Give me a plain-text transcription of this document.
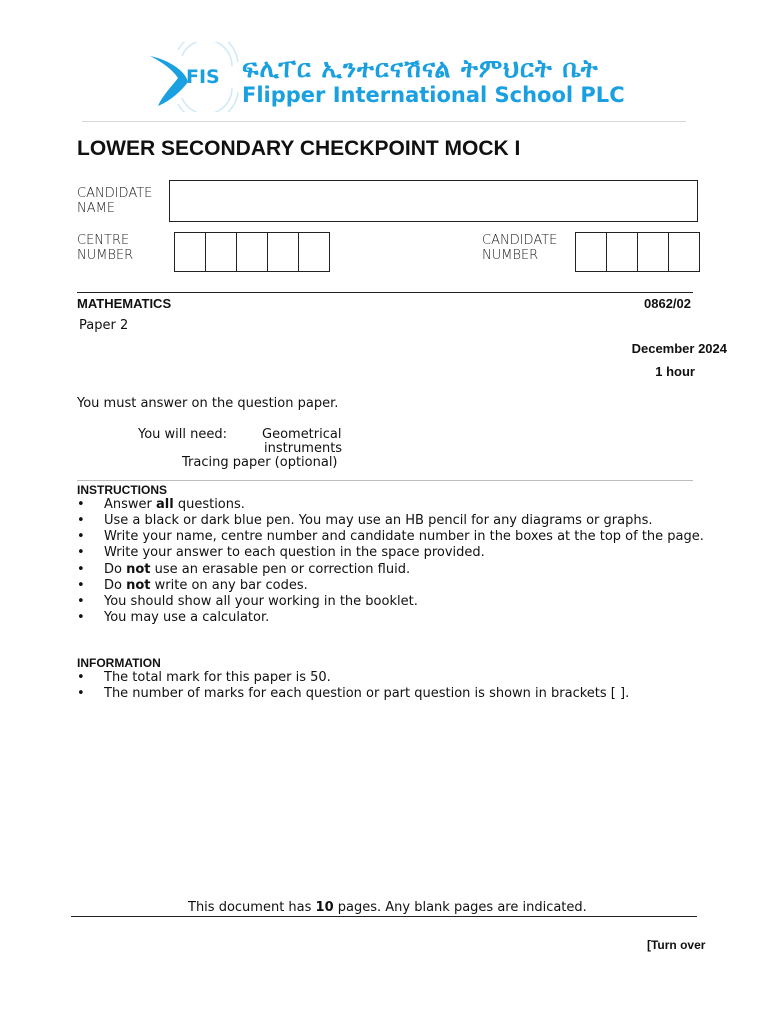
FIS ፍሊፐር ኢንተርናሽናል ትምህርት ቤት
Flipper International School PLC
LOWER SECONDARY CHECKPOINT MOCK I
CANDIDATE
NAME
CENTRE
NUMBER
CANDIDATE
NUMBER
MATHEMATICS	0862/02
Paper 2
December 2024
1 hour
You must answer on the question paper.
You will need:	Geometrical
instruments
Tracing paper (optional)
INSTRUCTIONS
• Answer all questions.
• Use a black or dark blue pen. You may use an HB pencil for any diagrams or graphs.
• Write your name, centre number and candidate number in the boxes at the top of the page.
• Write your answer to each question in the space provided.
• Do not use an erasable pen or correction fluid.
• Do not write on any bar codes.
• You should show all your working in the booklet.
• You may use a calculator.
INFORMATION
• The total mark for this paper is 50.
• The number of marks for each question or part question is shown in brackets [ ].
This document has 10 pages. Any blank pages are indicated.
[Turn over
